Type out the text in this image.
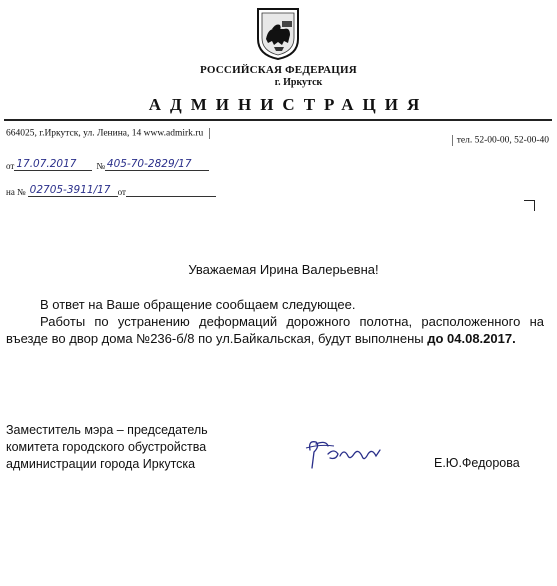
РОССИЙСКАЯ ФЕДЕРАЦИЯ
г. Иркутск
АДМИНИСТРАЦИЯ
664025, г.Иркутск, ул. Ленина, 14 www.admirk.ru
тел. 52-00-00, 52-00-40
от 17.07.2017	№ 405-70-2829/17
на № 02705-3911/17 от
Уважаемая Ирина Валерьевна!

В ответ на Ваше обращение сообщаем следующее.

Работы по устранению деформаций дорожного полотна, расположенного на въезде во двор дома №236-б/8 по ул.Байкальская, будут выполнены до 04.08.2017.

Заместитель мэра – председатель
комитета городского обустройства
администрации города Иркутска	Е.Ю.Федорова
